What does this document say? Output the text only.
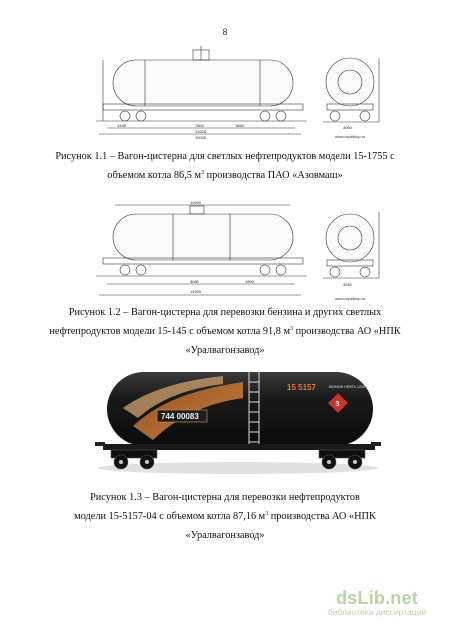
8
1345	7800
12020
10000
1850	3060
www.mydiblup.ru
Рисунок 1.1 – Вагон-цистерна для светлых нефтепродуктов модели 15-1755 с
объемом котла 86,5 $м^3$ производства ПАО «Азовмаш»
11990
3080	1900
14200
3262
www.mydiblup.ru
Рисунок 1.2 – Вагон-цистерна для перевозки бензина и других светлых
нефтепродуктов модели 15-145 с объемом котла 91,8 $м^3$ производства АО «НПК
«Уралвагонзавод»
744 00083
15 5157	БЕНЗИН НЕФТЬ 1203
3
Рисунок 1.3 – Вагон-цистерна для перевозки нефтепродуктов
модели 15-5157-04 с объемом котла 87,16 $м^3$ производства АО «НПК
«Уралвагонзавод»
dsLib.net
библиотека диссертаций
